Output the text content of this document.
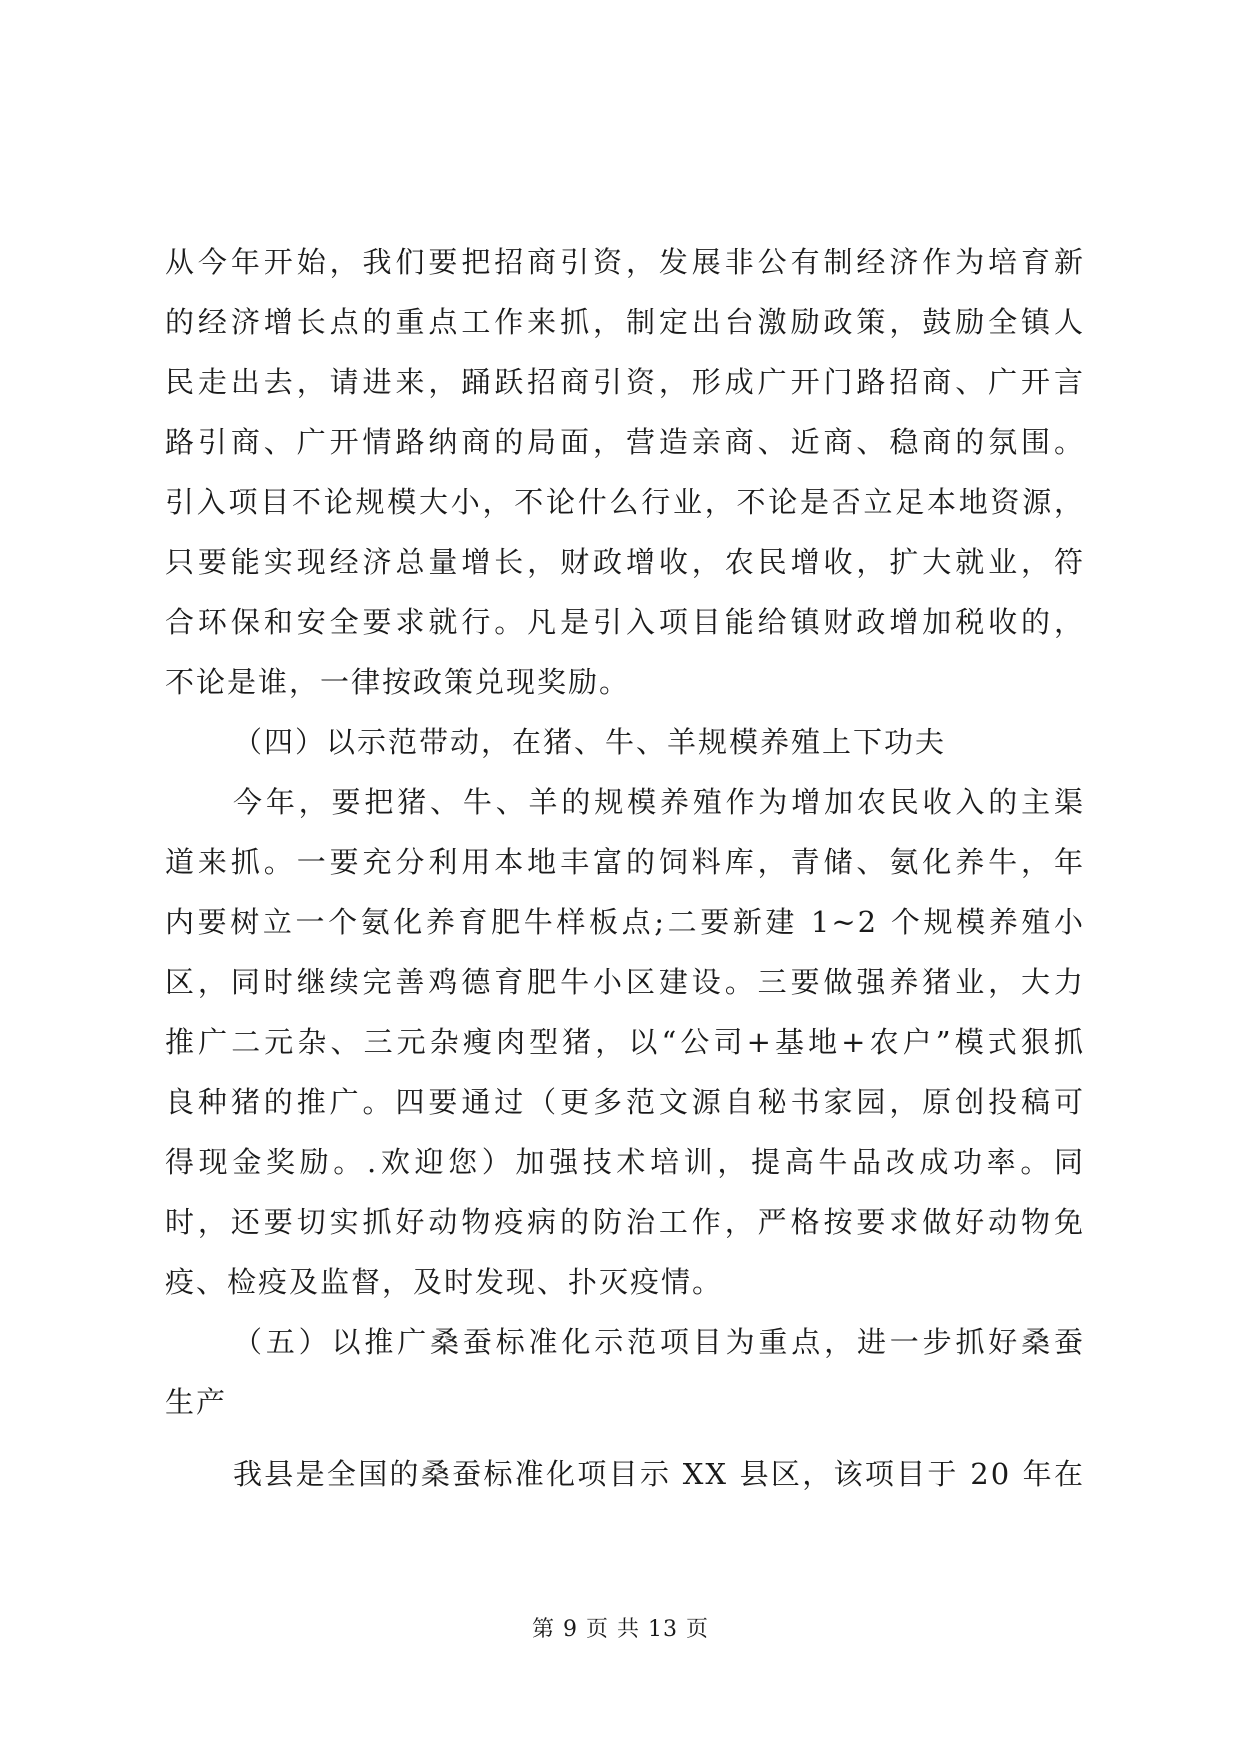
从今年开始，我们要把招商引资，发展非公有制经济作为培育新
的经济增长点的重点工作来抓，制定出台激励政策，鼓励全镇人
民走出去，请进来，踊跃招商引资，形成广开门路招商、广开言
路引商、广开情路纳商的局面，营造亲商、近商、稳商的氛围。
引入项目不论规模大小，不论什么行业，不论是否立足本地资源，
只要能实现经济总量增长，财政增收，农民增收，扩大就业，符
合环保和安全要求就行。凡是引入项目能给镇财政增加税收的，
不论是谁，一律按政策兑现奖励。
（四）以示范带动，在猪、牛、羊规模养殖上下功夫
今年，要把猪、牛、羊的规模养殖作为增加农民收入的主渠
道来抓。一要充分利用本地丰富的饲料库，青储、氨化养牛，年
内要树立一个氨化养育肥牛样板点;二要新建 1~2 个规模养殖小
区，同时继续完善鸡德育肥牛小区建设。三要做强养猪业，大力
推广二元杂、三元杂瘦肉型猪，以“公司+基地+农户”模式狠抓
良种猪的推广。四要通过（更多范文源自秘书家园，原创投稿可
得现金奖励。.欢迎您）加强技术培训，提高牛品改成功率。同
时，还要切实抓好动物疫病的防治工作，严格按要求做好动物免
疫、检疫及监督，及时发现、扑灭疫情。
（五）以推广桑蚕标准化示范项目为重点，进一步抓好桑蚕
生产
我县是全国的桑蚕标准化项目示 XX 县区，该项目于 20 年在
第 9 页 共 13 页
